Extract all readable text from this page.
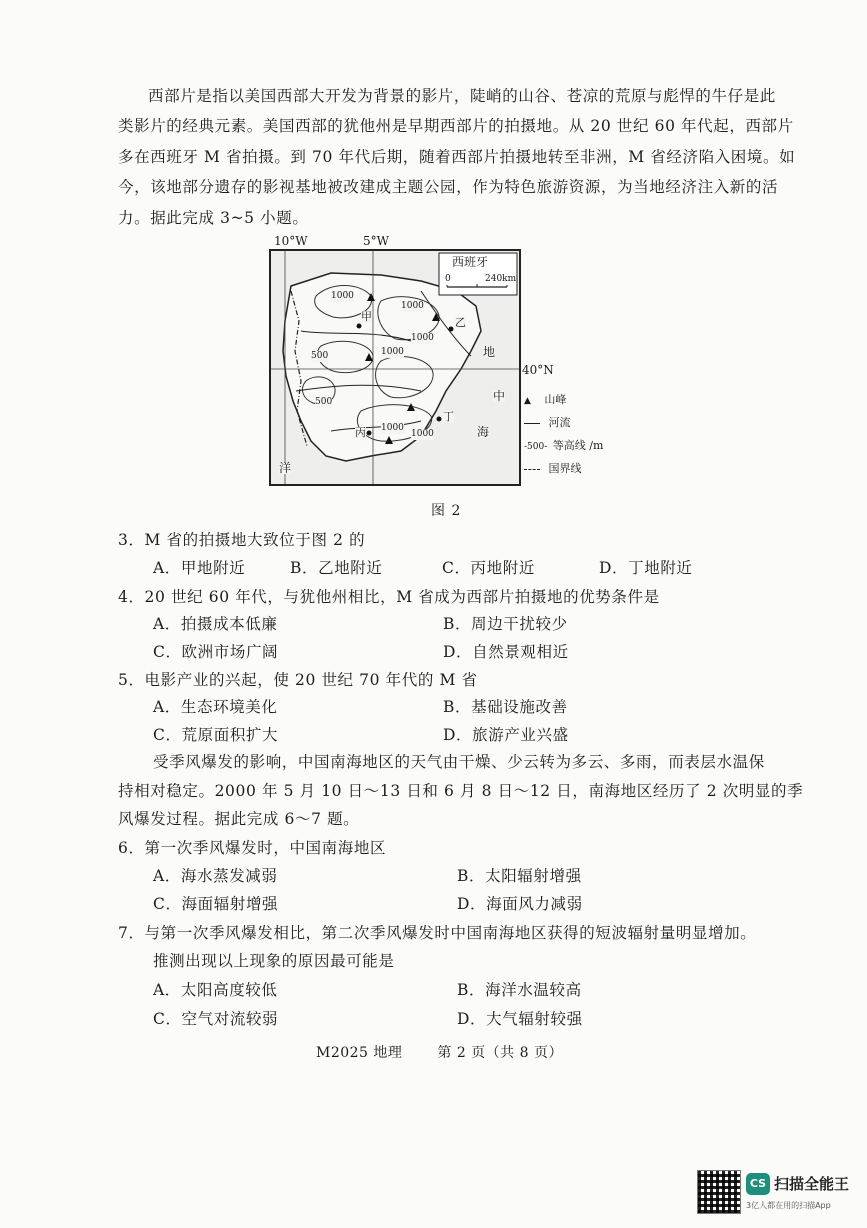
西部片是指以美国西部大开发为背景的影片，陡峭的山谷、苍凉的荒原与彪悍的牛仔是此
类影片的经典元素。美国西部的犹他州是早期西部片的拍摄地。从 20 世纪 60 年代起，西部片
多在西班牙 M 省拍摄。到 70 年代后期，随着西部片拍摄地转至非洲，M 省经济陷入困境。如
今，该地部分遗存的影视基地被改建成主题公园，作为特色旅游资源，为当地经济注入新的活
力。据此完成 3~5 小题。
10°W	5°W
40°N
西班牙
0	240km
甲	乙
丙
丁
1000
500
1000
1000
1000
500
1000
1000
地
中
海
洋
▲ 山峰
河流
-500- 等高线 /m
国界线
图 2
3．M 省的拍摄地大致位于图 2 的
A．甲地附近	B．乙地附近	C．丙地附近	D．丁地附近
4．20 世纪 60 年代，与犹他州相比，M 省成为西部片拍摄地的优势条件是
A．拍摄成本低廉	B．周边干扰较少
C．欧洲市场广阔	D．自然景观相近
5．电影产业的兴起，使 20 世纪 70 年代的 M 省
A．生态环境美化	B．基础设施改善
C．荒原面积扩大	D．旅游产业兴盛
受季风爆发的影响，中国南海地区的天气由干燥、少云转为多云、多雨，而表层水温保
持相对稳定。2000 年 5 月 10 日～13 日和 6 月 8 日～12 日，南海地区经历了 2 次明显的季
风爆发过程。据此完成 6～7 题。
6．第一次季风爆发时，中国南海地区
A．海水蒸发减弱	B．太阳辐射增强
C．海面辐射增强	D．海面风力减弱
7．与第一次季风爆发相比，第二次季风爆发时中国南海地区获得的短波辐射量明显增加。
推测出现以上现象的原因最可能是
A．太阳高度较低	B．海洋水温较高
C．空气对流较弱	D．大气辐射较强
M2025 地理 第 2 页（共 8 页）
CS 扫描全能王
3亿人都在用的扫描App
